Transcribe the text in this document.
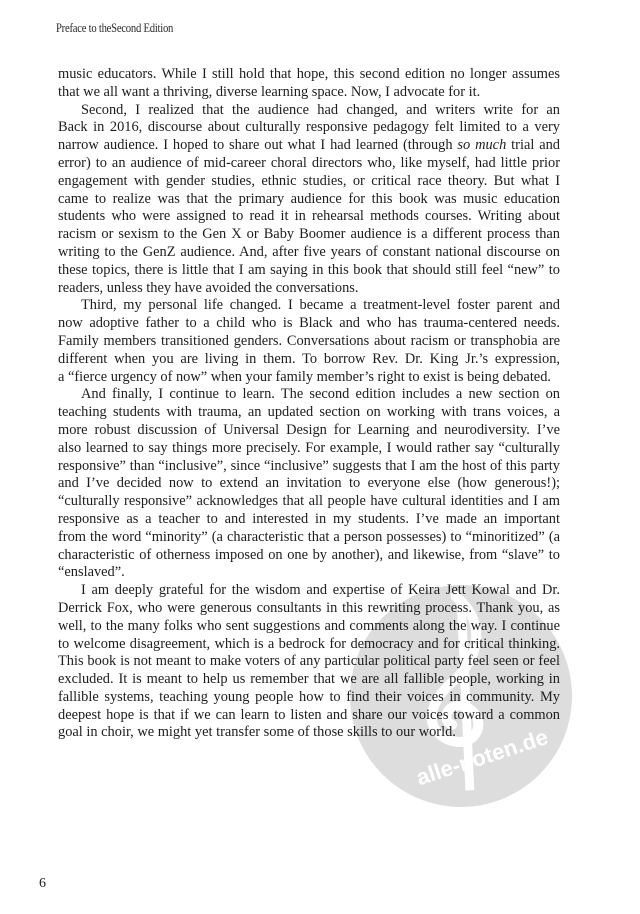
Preface to theSecond Edition
alle-noten.de
music educators. While I still hold that hope, this second edition no longer assumes
that we all want a thriving, diverse learning space. Now, I advocate for it.
Second, I realized that the audience had changed, and writers write for an
Back in 2016, discourse about culturally responsive pedagogy felt limited to a very
narrow audience. I hoped to share out what I had learned (through so much trial and
error) to an audience of mid-career choral directors who, like myself, had little prior
engagement with gender studies, ethnic studies, or critical race theory. But what I
came to realize was that the primary audience for this book was music education
students who were assigned to read it in rehearsal methods courses. Writing about
racism or sexism to the Gen X or Baby Boomer audience is a different process than
writing to the GenZ audience. And, after five years of constant national discourse on
these topics, there is little that I am saying in this book that should still feel “new” to
readers, unless they have avoided the conversations.
Third, my personal life changed. I became a treatment-level foster parent and
now adoptive father to a child who is Black and who has trauma-centered needs.
Family members transitioned genders. Conversations about racism or transphobia are
different when you are living in them. To borrow Rev. Dr. King Jr.’s expression,
a “fierce urgency of now” when your family member’s right to exist is being debated.
And finally, I continue to learn. The second edition includes a new section on
teaching students with trauma, an updated section on working with trans voices, a
more robust discussion of Universal Design for Learning and neurodiversity. I’ve
also learned to say things more precisely. For example, I would rather say “culturally
responsive” than “inclusive”, since “inclusive” suggests that I am the host of this party
and I’ve decided now to extend an invitation to everyone else (how generous!);
“culturally responsive” acknowledges that all people have cultural identities and I am
responsive as a teacher to and interested in my students. I’ve made an important
from the word “minority” (a characteristic that a person possesses) to “minoritized” (a
characteristic of otherness imposed on one by another), and likewise, from “slave” to
“enslaved”.
I am deeply grateful for the wisdom and expertise of Keira Jett Kowal and Dr.
Derrick Fox, who were generous consultants in this rewriting process. Thank you, as
well, to the many folks who sent suggestions and comments along the way. I continue
to welcome disagreement, which is a bedrock for democracy and for critical thinking.
This book is not meant to make voters of any particular political party feel seen or feel
excluded. It is meant to help us remember that we are all fallible people, working in
fallible systems, teaching young people how to find their voices in community. My
deepest hope is that if we can learn to listen and share our voices toward a common
goal in choir, we might yet transfer some of those skills to our world.
6
